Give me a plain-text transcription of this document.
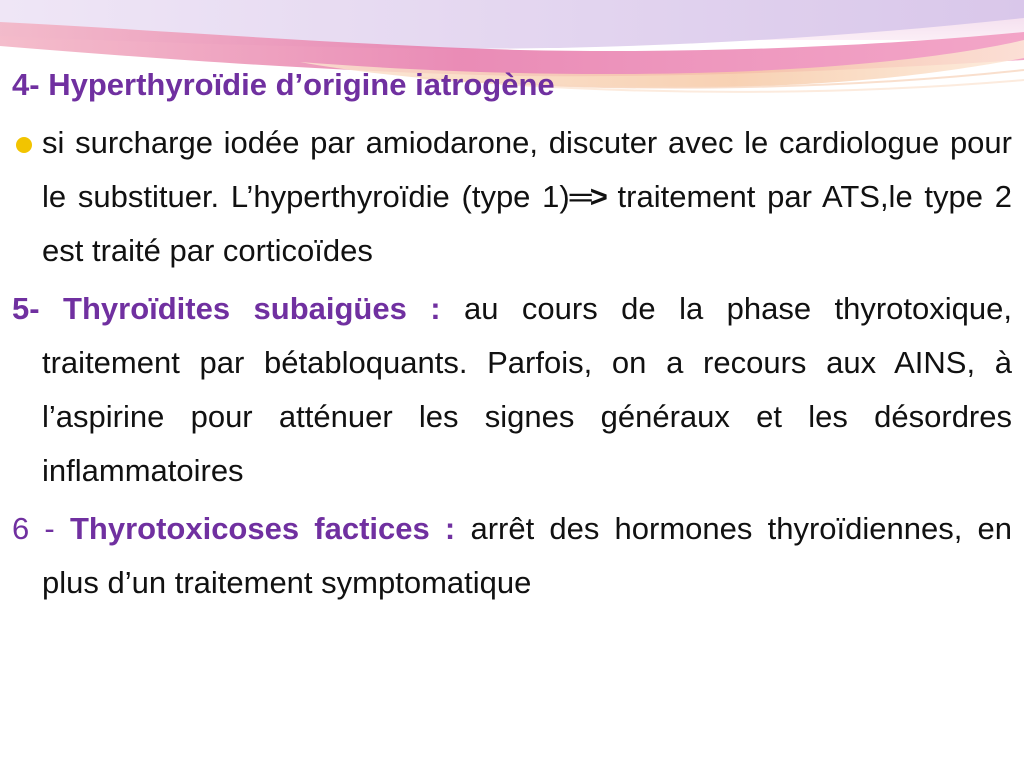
4- Hyperthyroïdie d’origine iatrogène
si surcharge iodée par amiodarone, discuter avec le cardiologue pour le substituer. L’hyperthyroïdie (type 1)═> traitement par ATS,le type 2 est traité par corticoïdes
5- Thyroïdites subaigües : au cours de la phase thyrotoxique, traitement par bétabloquants. Parfois, on a recours aux AINS, à l’aspirine pour atténuer les signes généraux et les désordres inflammatoires
6 - Thyrotoxicoses factices : arrêt des hormones thyroïdiennes, en plus d’un traitement symptomatique
